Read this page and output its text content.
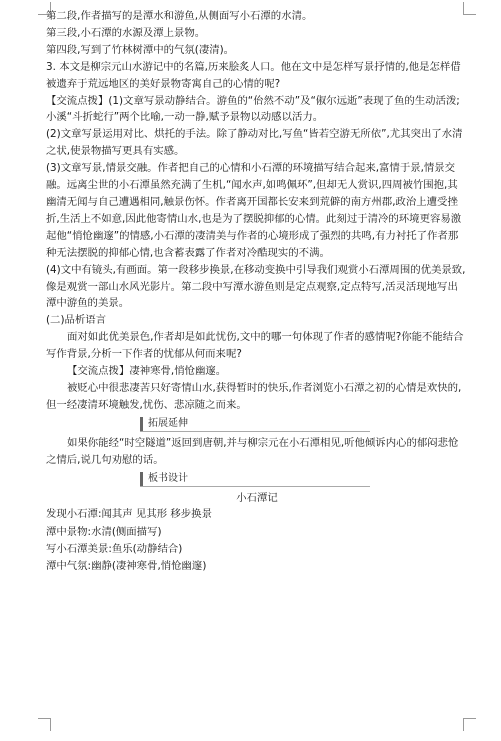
第二段,作者描写的是潭水和游鱼,从侧面写小石潭的水清。

第三段,小石潭的水源及潭上景物。

第四段,写到了竹林树潭中的气氛(凄清)。

3. 本文是柳宗元山水游记中的名篇,历来脍炙人口。他在文中是怎样写景抒情的,他是怎样借被遗弃于荒远地区的美好景物寄寓自己的心情的呢?

【交流点拨】(1)文章写景动静结合。游鱼的“佁然不动”及“俶尔远逝”表现了鱼的生动活泼;小溪“斗折蛇行”两个比喻,一动一静,赋予景物以动感以活力。

(2)文章写景运用对比、烘托的手法。除了静动对比,写鱼“皆若空游无所依”,尤其突出了水清之状,使景物描写更具有实感。

(3)文章写景,情景交融。作者把自己的心情和小石潭的环境描写结合起来,富情于景,情景交融。远离尘世的小石潭虽然充满了生机,“闻水声,如鸣佩环”,但却无人赏识,四周被竹围抱,其幽清无闻与自己遭遇相同,触景伤怀。作者离开国都长安来到荒僻的南方州郡,政治上遭受挫折,生活上不如意,因此他寄情山水,也是为了摆脱抑郁的心情。此刻过于清冷的环境更容易激起他“悄怆幽邃”的情感,小石潭的凄清美与作者的心境形成了强烈的共鸣,有力衬托了作者那种无法摆脱的抑郁心情,也含蓄表露了作者对冷酷现实的不满。

(4)文中有镜头,有画面。第一段移步换景,在移动变换中引导我们观赏小石潭周围的优美景致,像是观赏一部山水风光影片。第二段中写潭水游鱼则是定点观察,定点特写,活灵活现地写出潭中游鱼的美景。

(二)品析语言

面对如此优美景色,作者却是如此忧伤,文中的哪一句体现了作者的感情呢?你能不能结合写作背景,分析一下作者的忧郁从何而来呢?

【交流点拨】凄神寒骨,悄怆幽邃。

被贬心中很悲凄苦只好寄情山水,获得暂时的快乐,作者浏览小石潭之初的心情是欢快的,但一经凄清环境触发,忧伤、悲凉随之而来。

拓展延伸

如果你能经“时空隧道”返回到唐朝,并与柳宗元在小石潭相见,听他倾诉内心的郁闷悲怆之情后,说几句劝慰的话。

板书设计

小石潭记

发现小石潭:闻其声 见其形 移步换景

潭中景物:水清(侧面描写)

写小石潭美景:鱼乐(动静结合)

潭中气氛:幽静(凄神寒骨,悄怆幽邃)
